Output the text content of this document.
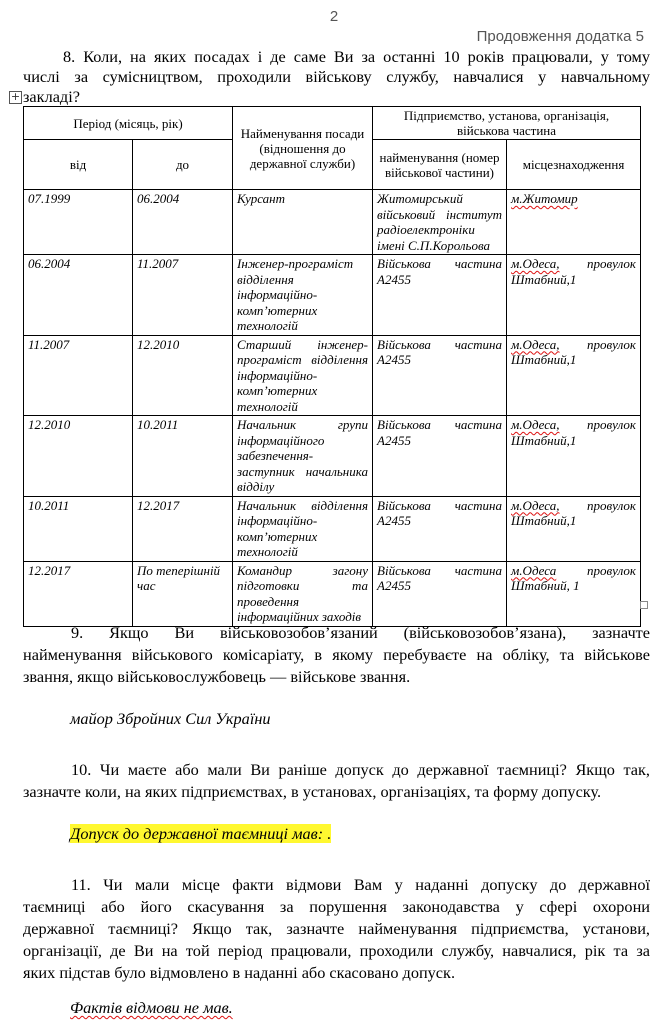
2
Продовження додатка 5

8. Коли, на яких посадах і де саме Ви за останні 10 років працювали, у тому
числі за сумісництвом, проходили військову службу, навчалися у навчальному
закладі?

+
Період (місяць, рік)		Найменування посади (відношення до державної служби)	Підприємство, установа, організація, військова частина	
від	до		найменування (номер військової частини)	місцезнаходження
07.1999	06.2004	Курсант	Житомирський військовий інститут радіоелектроніки імені С.П.Корольова	м.Житомир
06.2004	11.2007	Інженер-програміст відділення інформаційно-комп’ютерних технологій	Військова частина А2455	м.Одеса, провулок Штабний,1
11.2007	12.2010	Старший інженер-програміст відділення інформаційно-комп’ютерних технологій	Військова частина А2455	м.Одеса, провулок Штабний,1
12.2010	10.2011	Начальник групи інформаційного забезпечення-заступник начальника відділу	Військова частина А2455	м.Одеса, провулок Штабний,1
10.2011	12.2017	Начальник відділення інформаційно-комп’ютерних технологій	Військова частина А2455	м.Одеса, провулок Штабний,1
12.2017	По теперішній час	Командир загону підготовки та проведення інформаційних заходів	Військова частина А2455	м.Одеса провулок Штабний, 1

9. Якщо Ви військовозобов’язаний (військовозобов’язана), зазначте
найменування військового комісаріату, в якому перебуваєте на обліку, та військове
звання, якщо військовослужбовець — військове звання.

майор Збройних Сил України

10. Чи маєте або мали Ви раніше допуск до державної таємниці? Якщо так,
зазначте коли, на яких підприємствах, в установах, організаціях, та форму допуску.

Допуск до державної таємниці мав: .

11. Чи мали місце факти відмови Вам у наданні допуску до державної
таємниці або його скасування за порушення законодавства у сфері охорони
державної таємниці? Якщо так, зазначте найменування підприємства, установи,
організації, де Ви на той період працювали, проходили службу, навчалися, рік та за
яких підстав було відмовлено в наданні або скасовано допуск.

Фактів відмови не мав.
